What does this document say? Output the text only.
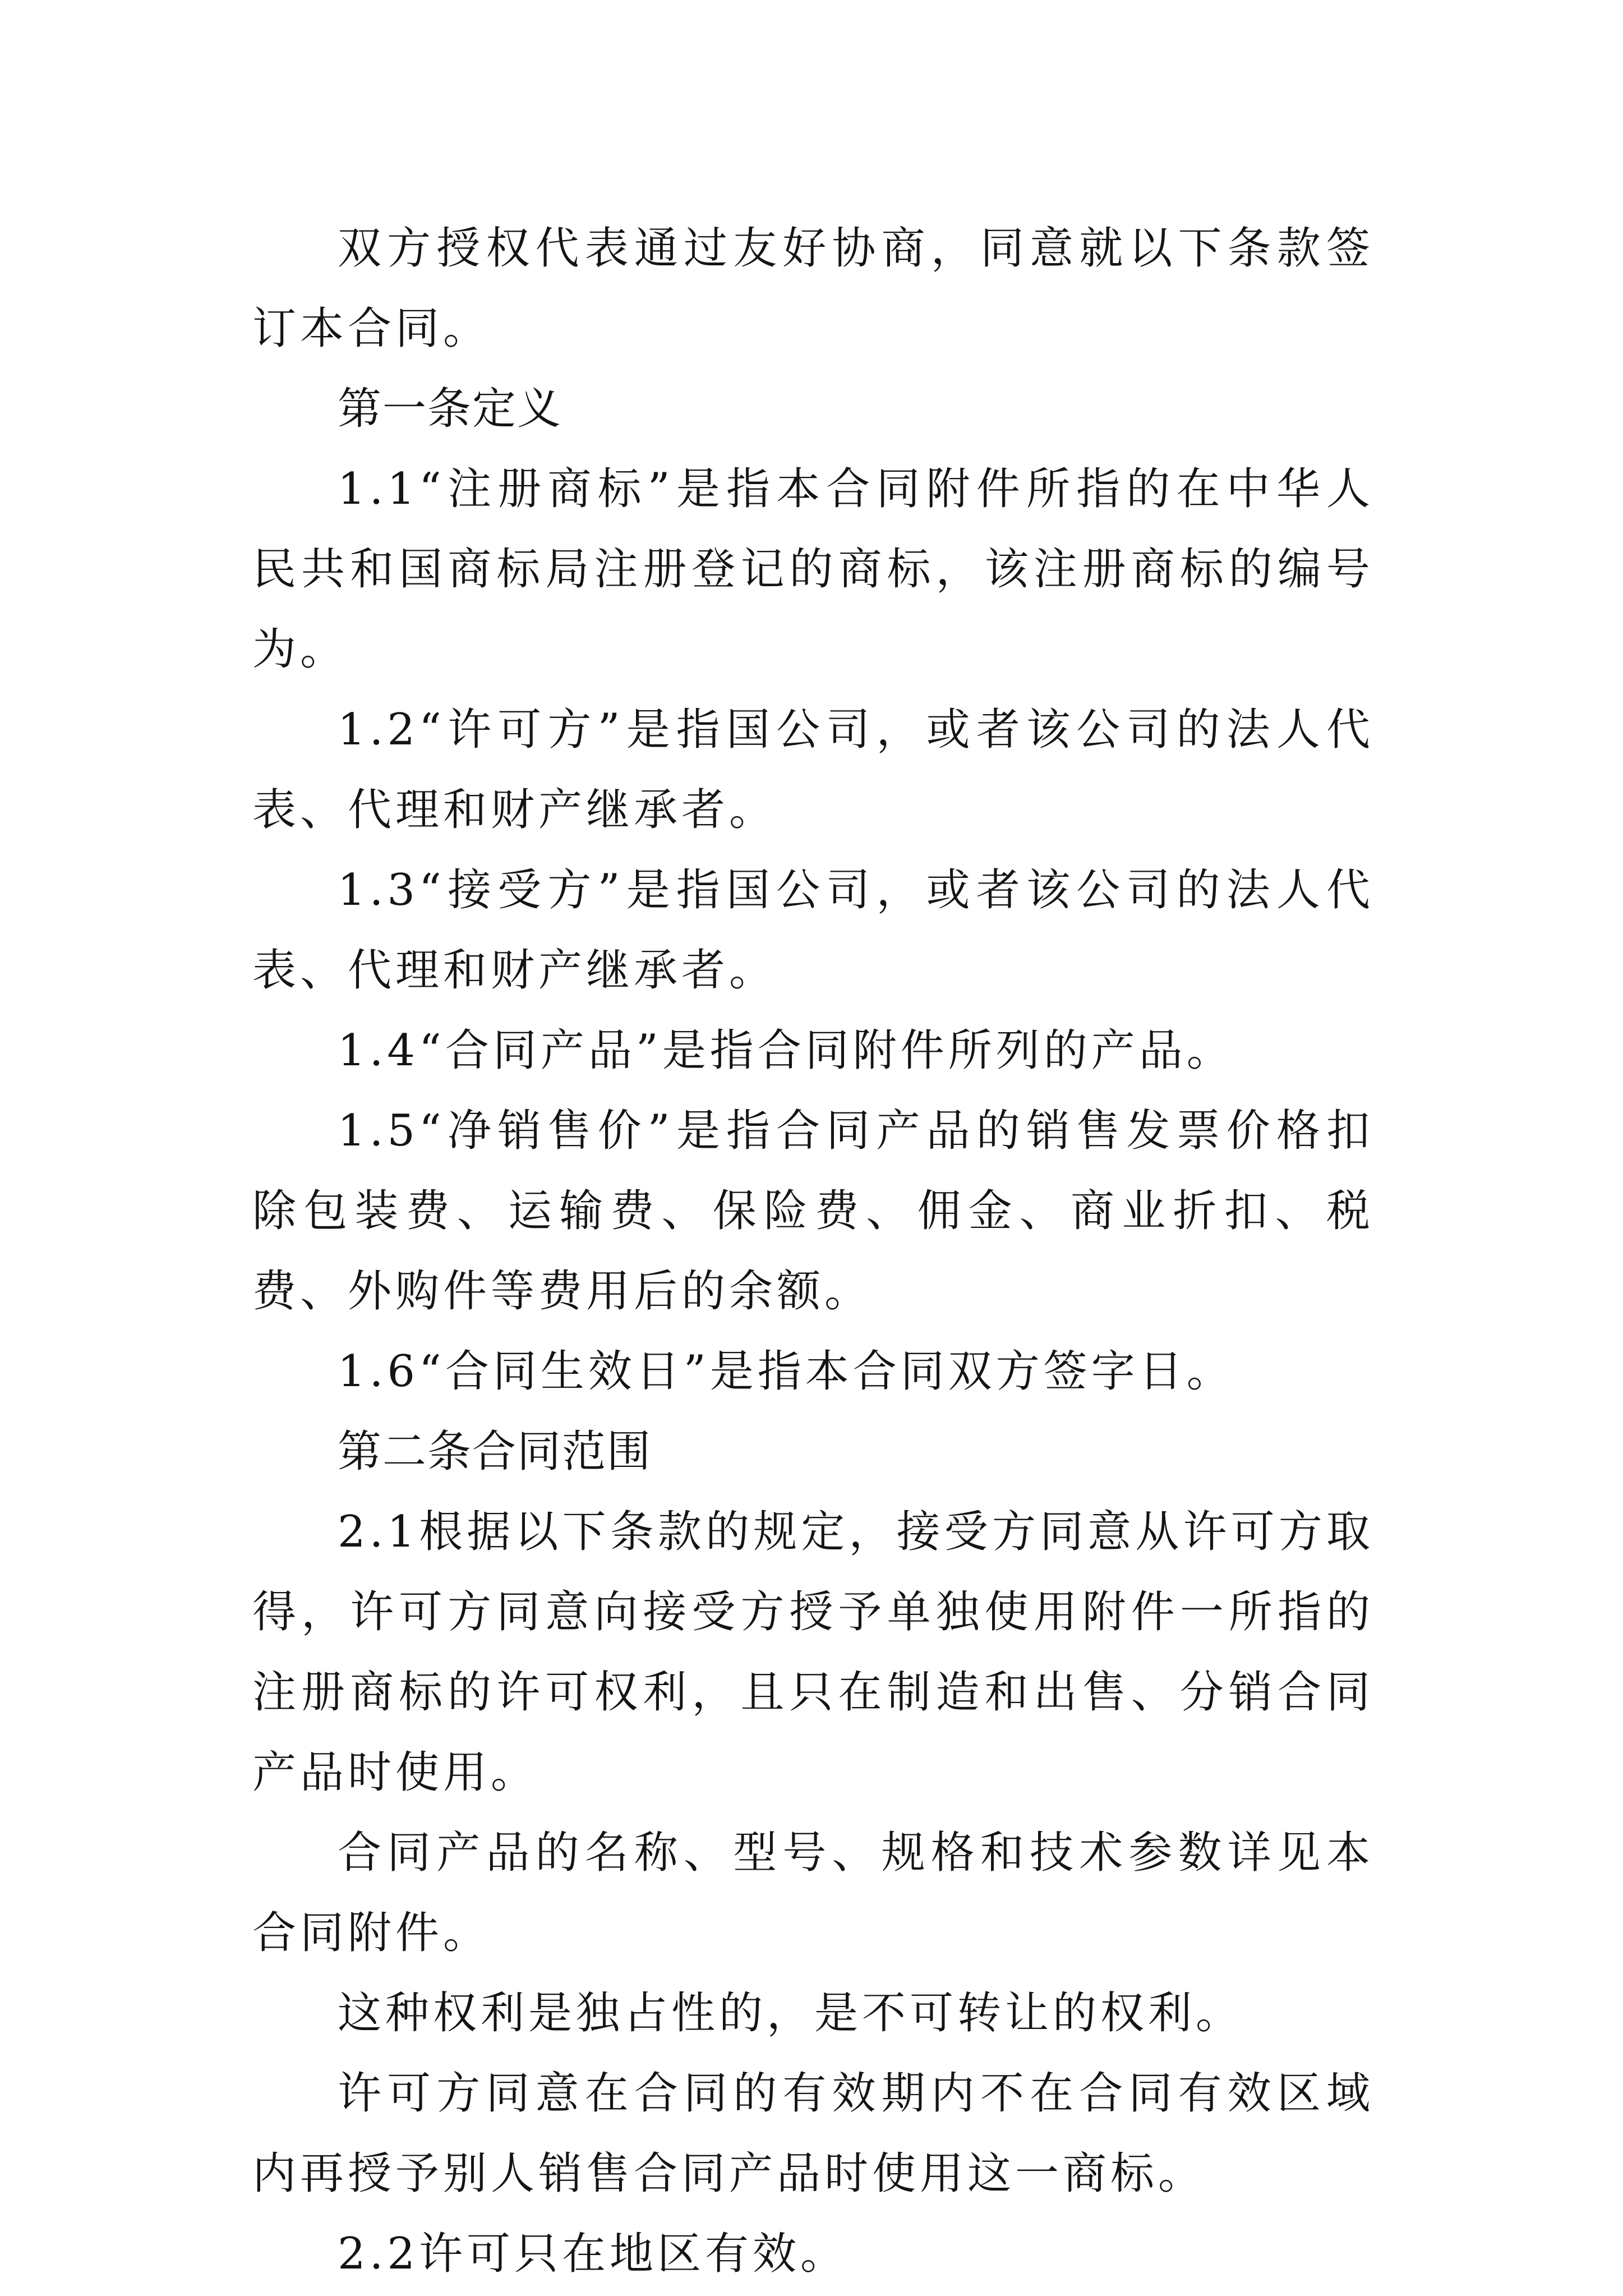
双方授权代表通过友好协商，同意就以下条款签订本合同。

第一条定义

1.1“注册商标”是指本合同附件所指的在中华人民共和国商标局注册登记的商标，该注册商标的编号为。

1.2“许可方”是指国公司，或者该公司的法人代表、代理和财产继承者。

1.3“接受方”是指国公司，或者该公司的法人代表、代理和财产继承者。

1.4“合同产品”是指合同附件所列的产品。

1.5“净销售价”是指合同产品的销售发票价格扣除包装费、运输费、保险费、佣金、商业折扣、税费、外购件等费用后的余额。

1.6“合同生效日”是指本合同双方签字日。

第二条合同范围

2.1根据以下条款的规定，接受方同意从许可方取得，许可方同意向接受方授予单独使用附件一所指的注册商标的许可权利，且只在制造和出售、分销合同产品时使用。

合同产品的名称、型号、规格和技术参数详见本合同附件。

这种权利是独占性的，是不可转让的权利。

许可方同意在合同的有效期内不在合同有效区域内再授予别人销售合同产品时使用这一商标。

2.2许可只在地区有效。
